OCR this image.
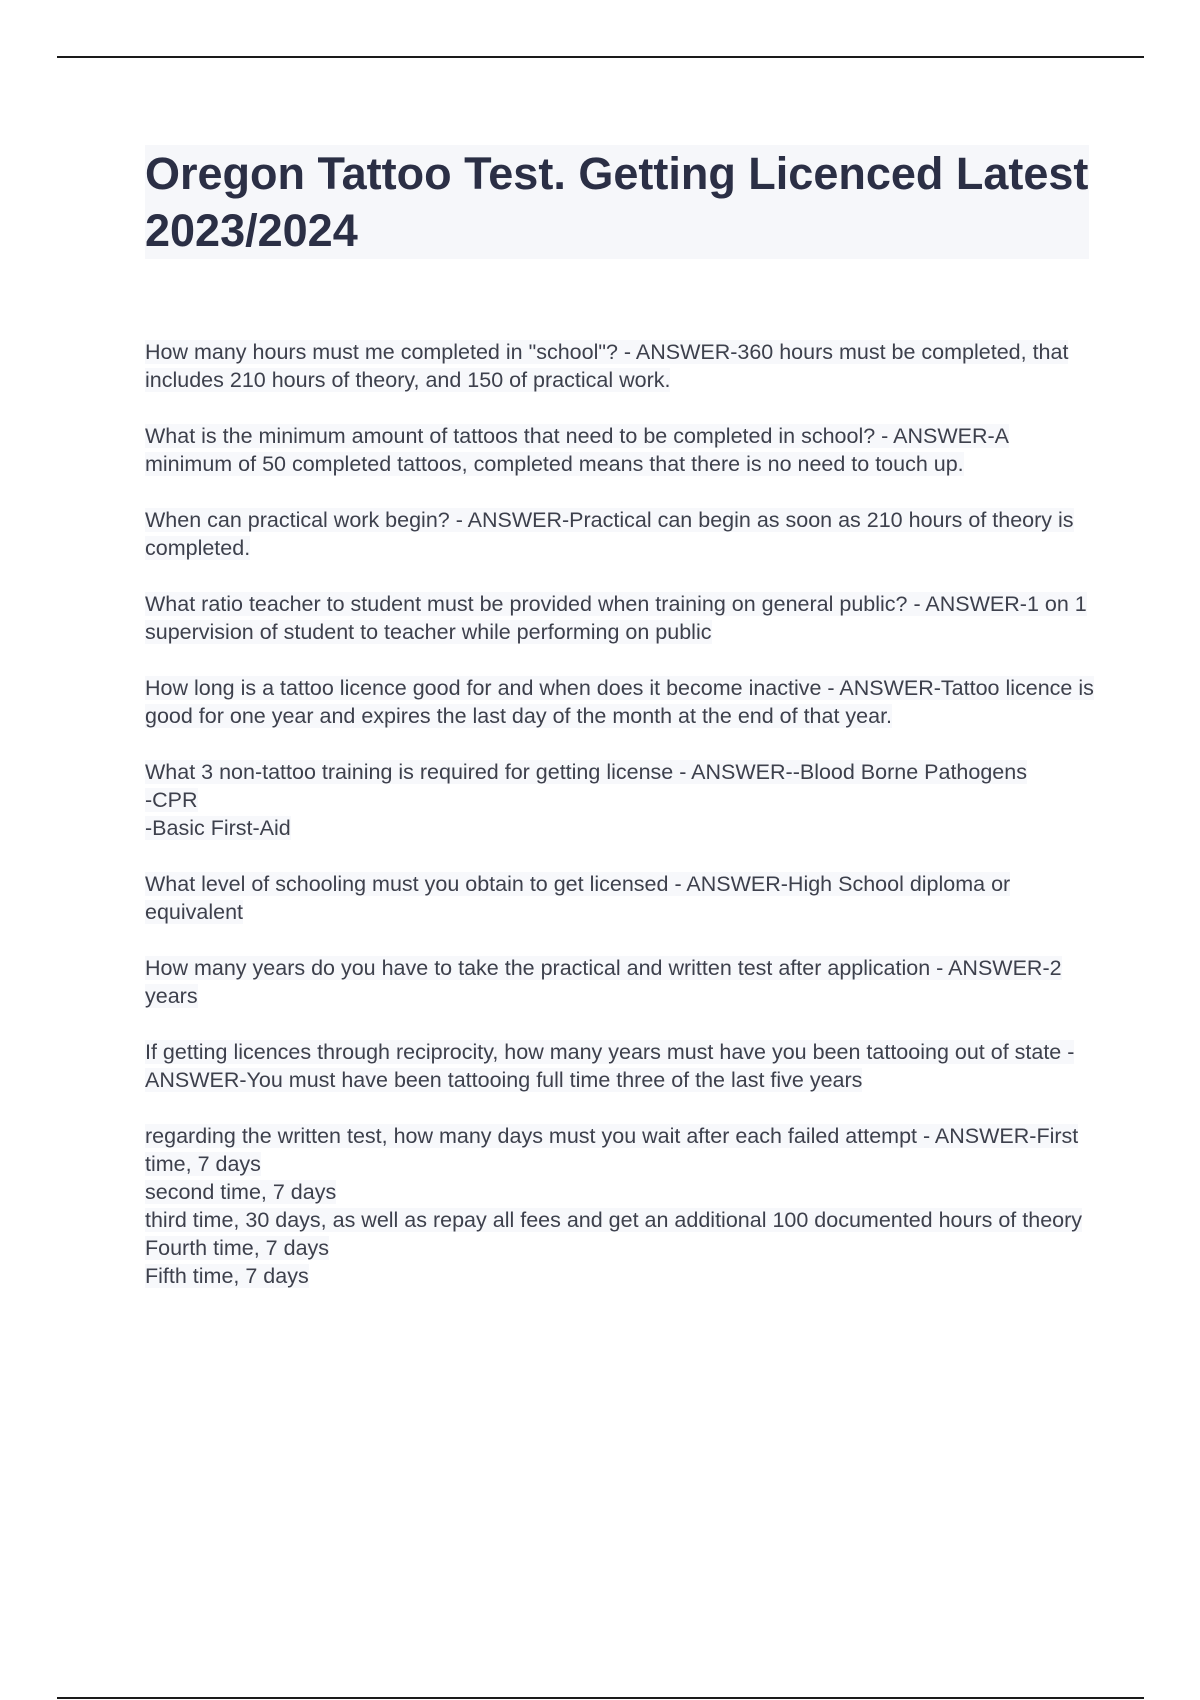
Oregon Tattoo Test. Getting Licenced Latest 2023/2024

How many hours must me completed in "school"? - ANSWER-360 hours must be completed, that includes 210 hours of theory, and 150 of practical work.

What is the minimum amount of tattoos that need to be completed in school? - ANSWER-A minimum of 50 completed tattoos, completed means that there is no need to touch up.

When can practical work begin? - ANSWER-Practical can begin as soon as 210 hours of theory is completed.

What ratio teacher to student must be provided when training on general public? - ANSWER-1 on 1 supervision of student to teacher while performing on public

How long is a tattoo licence good for and when does it become inactive - ANSWER-Tattoo licence is good for one year and expires the last day of the month at the end of that year.

What 3 non-tattoo training is required for getting license - ANSWER--Blood Borne Pathogens
-CPR
-Basic First-Aid

What level of schooling must you obtain to get licensed - ANSWER-High School diploma or equivalent

How many years do you have to take the practical and written test after application - ANSWER-2 years

If getting licences through reciprocity, how many years must have you been tattooing out of state - ANSWER-You must have been tattooing full time three of the last five years

regarding the written test, how many days must you wait after each failed attempt - ANSWER-First time, 7 days
second time, 7 days
third time, 30 days, as well as repay all fees and get an additional 100 documented hours of theory
Fourth time, 7 days
Fifth time, 7 days
